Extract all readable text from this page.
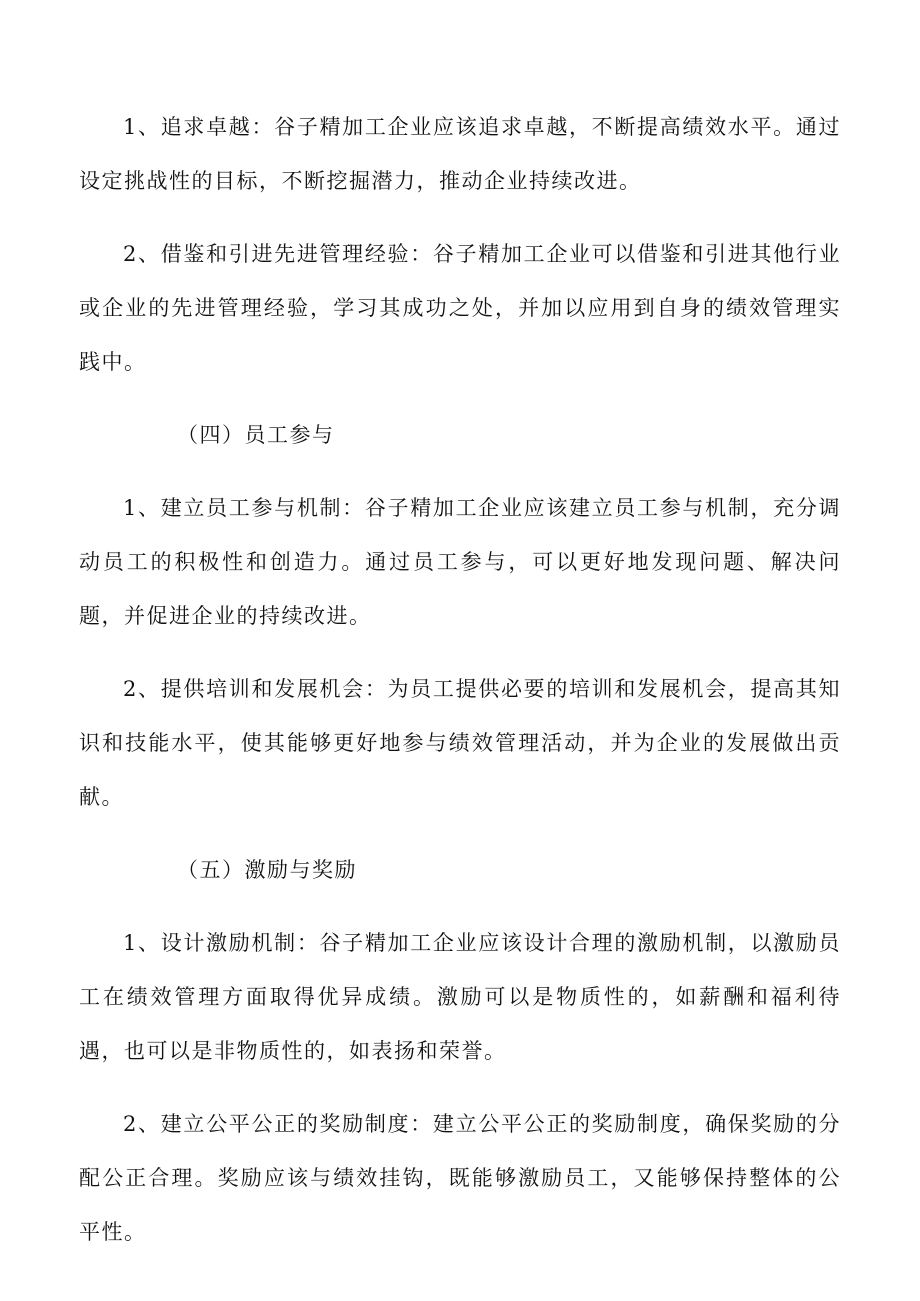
1、追求卓越：谷子精加工企业应该追求卓越，不断提高绩效水平。通过设定挑战性的目标，不断挖掘潜力，推动企业持续改进。

2、借鉴和引进先进管理经验：谷子精加工企业可以借鉴和引进其他行业或企业的先进管理经验，学习其成功之处，并加以应用到自身的绩效管理实践中。

（四）员工参与

1、建立员工参与机制：谷子精加工企业应该建立员工参与机制，充分调动员工的积极性和创造力。通过员工参与，可以更好地发现问题、解决问题，并促进企业的持续改进。

2、提供培训和发展机会：为员工提供必要的培训和发展机会，提高其知识和技能水平，使其能够更好地参与绩效管理活动，并为企业的发展做出贡献。

（五）激励与奖励

1、设计激励机制：谷子精加工企业应该设计合理的激励机制，以激励员工在绩效管理方面取得优异成绩。激励可以是物质性的，如薪酬和福利待遇，也可以是非物质性的，如表扬和荣誉。

2、建立公平公正的奖励制度：建立公平公正的奖励制度，确保奖励的分配公正合理。奖励应该与绩效挂钩，既能够激励员工，又能够保持整体的公平性。
